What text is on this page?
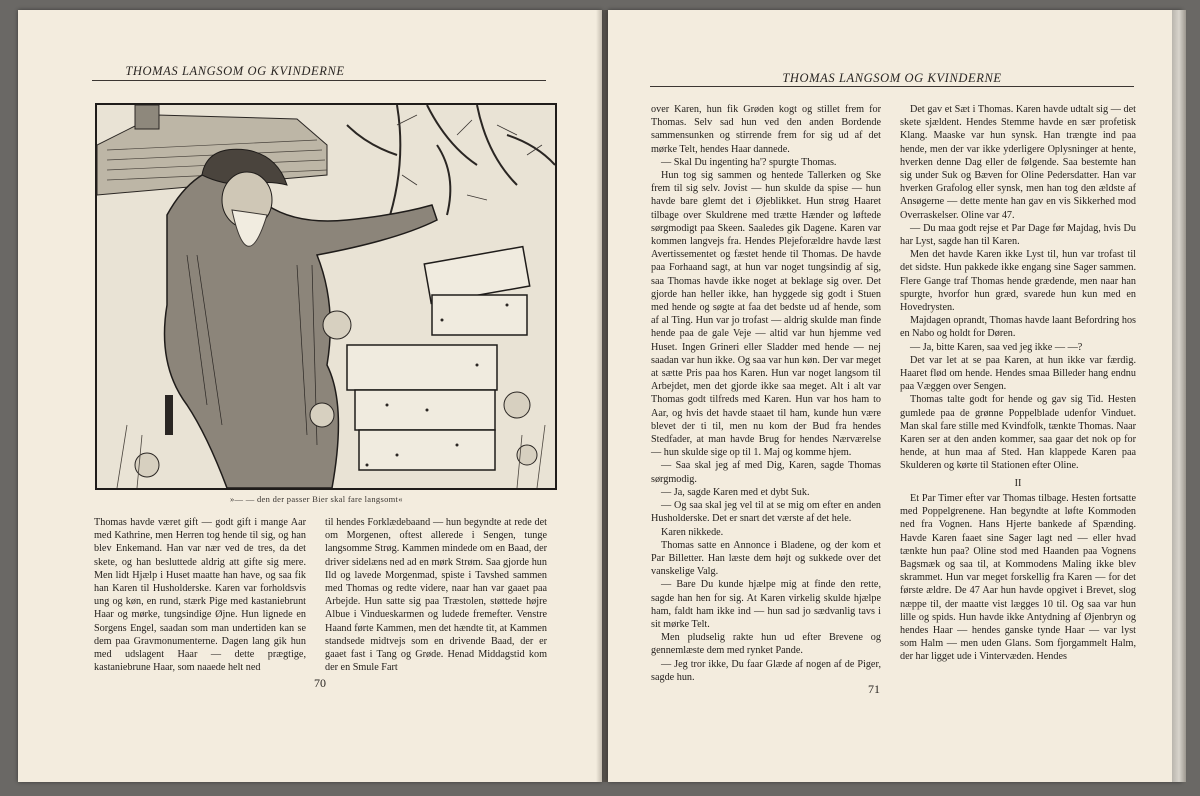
THOMAS LANGSOM OG KVINDERNE
»— — den der passer Bier skal fare langsomt«

Thomas havde været gift — godt gift i mange Aar med Kathrine, men Herren tog hende til sig, og han blev Enkemand. Han var nær ved de tres, da det skete, og han besluttede aldrig att gifte sig mere. Men lidt Hjælp i Huset maatte han have, og saa fik han Karen til Husholderske. Karen var forholdsvis ung og køn, en rund, stærk Pige med kastaniebrunt Haar og mørke, tungsindige Øjne. Hun lignede en Sorgens Engel, saadan som man undertiden kan se dem paa Gravmonumenterne. Dagen lang gik hun med udslagent Haar — dette prægtige, kastaniebrune Haar, som naaede helt ned

til hendes Forklædebaand — hun begyndte at rede det om Morgenen, oftest allerede i Sengen, tunge langsomme Strøg. Kammen mindede om en Baad, der driver sidelæns ned ad en mørk Strøm. Saa gjorde hun Ild og lavede Morgenmad, spiste i Tavshed sammen med Thomas og redte videre, naar han var gaaet paa Arbejde. Hun satte sig paa Træstolen, støttede højre Albue i Vindueskarmen og ludede fremefter. Venstre Haand førte Kammen, men det hændte tit, at Kammen standsede midtvejs som en drivende Baad, der er gaaet fast i Tang og Grøde. Henad Middagstid kom der en Smule Fart

70
THOMAS LANGSOM OG KVINDERNE

over Karen, hun fik Grøden kogt og stillet frem for Thomas. Selv sad hun ved den anden Bordende sammensunken og stirrende frem for sig ud af det mørke Telt, hendes Haar dannede.

— Skal Du ingenting ha'? spurgte Thomas.

Hun tog sig sammen og hentede Tallerken og Ske frem til sig selv. Jovist — hun skulde da spise — hun havde bare glemt det i Øjeblikket. Hun strøg Haaret tilbage over Skuldrene med trætte Hænder og løftede sørgmodigt paa Skeen. Saaledes gik Dagene. Karen var kommen langvejs fra. Hendes Plejeforældre havde læst Avertissementet og fæstet hende til Thomas. De havde paa Forhaand sagt, at hun var noget tungsindig af sig, saa Thomas havde ikke noget at beklage sig over. Det gjorde han heller ikke, han hyggede sig godt i Stuen med hende og søgte at faa det bedste ud af hende, som af al Ting. Hun var jo trofast — aldrig skulde man finde hende paa de gale Veje — altid var hun hjemme ved Huset. Ingen Grineri eller Sladder med hende — nej saadan var hun ikke. Og saa var hun køn. Der var meget at sætte Pris paa hos Karen. Hun var noget langsom til Arbejdet, men det gjorde ikke saa meget. Alt i alt var Thomas godt tilfreds med Karen. Hun var hos ham to Aar, og hvis det havde staaet til ham, kunde hun være blevet der ti til, men nu kom der Bud fra hendes Stedfader, at man havde Brug for hendes Nærværelse — hun skulde sige op til 1. Maj og komme hjem.

— Saa skal jeg af med Dig, Karen, sagde Thomas sørgmodig.

— Ja, sagde Karen med et dybt Suk.

— Og saa skal jeg vel til at se mig om efter en anden Husholderske. Det er snart det værste af det hele.

Karen nikkede.

Thomas satte en Annonce i Bladene, og der kom et Par Billetter. Han læste dem højt og sukkede over det vanskelige Valg.

— Bare Du kunde hjælpe mig at finde den rette, sagde han hen for sig. At Karen virkelig skulde hjælpe ham, faldt ham ikke ind — hun sad jo sædvanlig tavs i sit mørke Telt.

Men pludselig rakte hun ud efter Brevene og gennemlæste dem med rynket Pande.

— Jeg tror ikke, Du faar Glæde af nogen af de Piger, sagde hun.

Det gav et Sæt i Thomas. Karen havde udtalt sig — det skete sjældent. Hendes Stemme havde en sær profetisk Klang. Maaske var hun synsk. Han trængte ind paa hende, men der var ikke yderligere Oplysninger at hente, hverken denne Dag eller de følgende. Saa bestemte han sig under Suk og Bæven for Oline Pedersdatter. Han var hverken Grafolog eller synsk, men han tog den ældste af Ansøgerne — dette mente han gav en vis Sikkerhed mod Overraskelser. Oline var 47.

— Du maa godt rejse et Par Dage før Majdag, hvis Du har Lyst, sagde han til Karen.

Men det havde Karen ikke Lyst til, hun var trofast til det sidste. Hun pakkede ikke engang sine Sager sammen. Flere Gange traf Thomas hende grædende, men naar han spurgte, hvorfor hun græd, svarede hun kun med en Hovedrysten.

Majdagen oprandt, Thomas havde laant Befordring hos en Nabo og holdt for Døren.

— Ja, bitte Karen, saa ved jeg ikke — —?

Det var let at se paa Karen, at hun ikke var færdig. Haaret flød om hende. Hendes smaa Billeder hang endnu paa Væggen over Sengen.

Thomas talte godt for hende og gav sig Tid. Hesten gumlede paa de grønne Poppelblade udenfor Vinduet. Man skal fare stille med Kvindfolk, tænkte Thomas. Naar Karen ser at den anden kommer, saa gaar det nok op for hende, at hun maa af Sted. Han klappede Karen paa Skulderen og kørte til Stationen efter Oline.

II

Et Par Timer efter var Thomas tilbage. Hesten fortsatte med Poppelgrenene. Han begyndte at løfte Kommoden ned fra Vognen. Hans Hjerte bankede af Spænding. Havde Karen faaet sine Sager lagt ned — eller hvad tænkte hun paa? Oline stod med Haanden paa Vognens Bagsmæk og saa til, at Kommodens Maling ikke blev skrammet. Hun var meget forskellig fra Karen — for det første ældre. De 47 Aar hun havde opgivet i Brevet, slog næppe til, der maatte vist lægges 10 til. Og saa var hun lille og spids. Hun havde ikke Antydning af Øjenbryn og hendes Haar — hendes ganske tynde Haar — var lyst som Halm — men uden Glans. Som fjorgammelt Halm, der har ligget ude i Vintervæden. Hendes

71
